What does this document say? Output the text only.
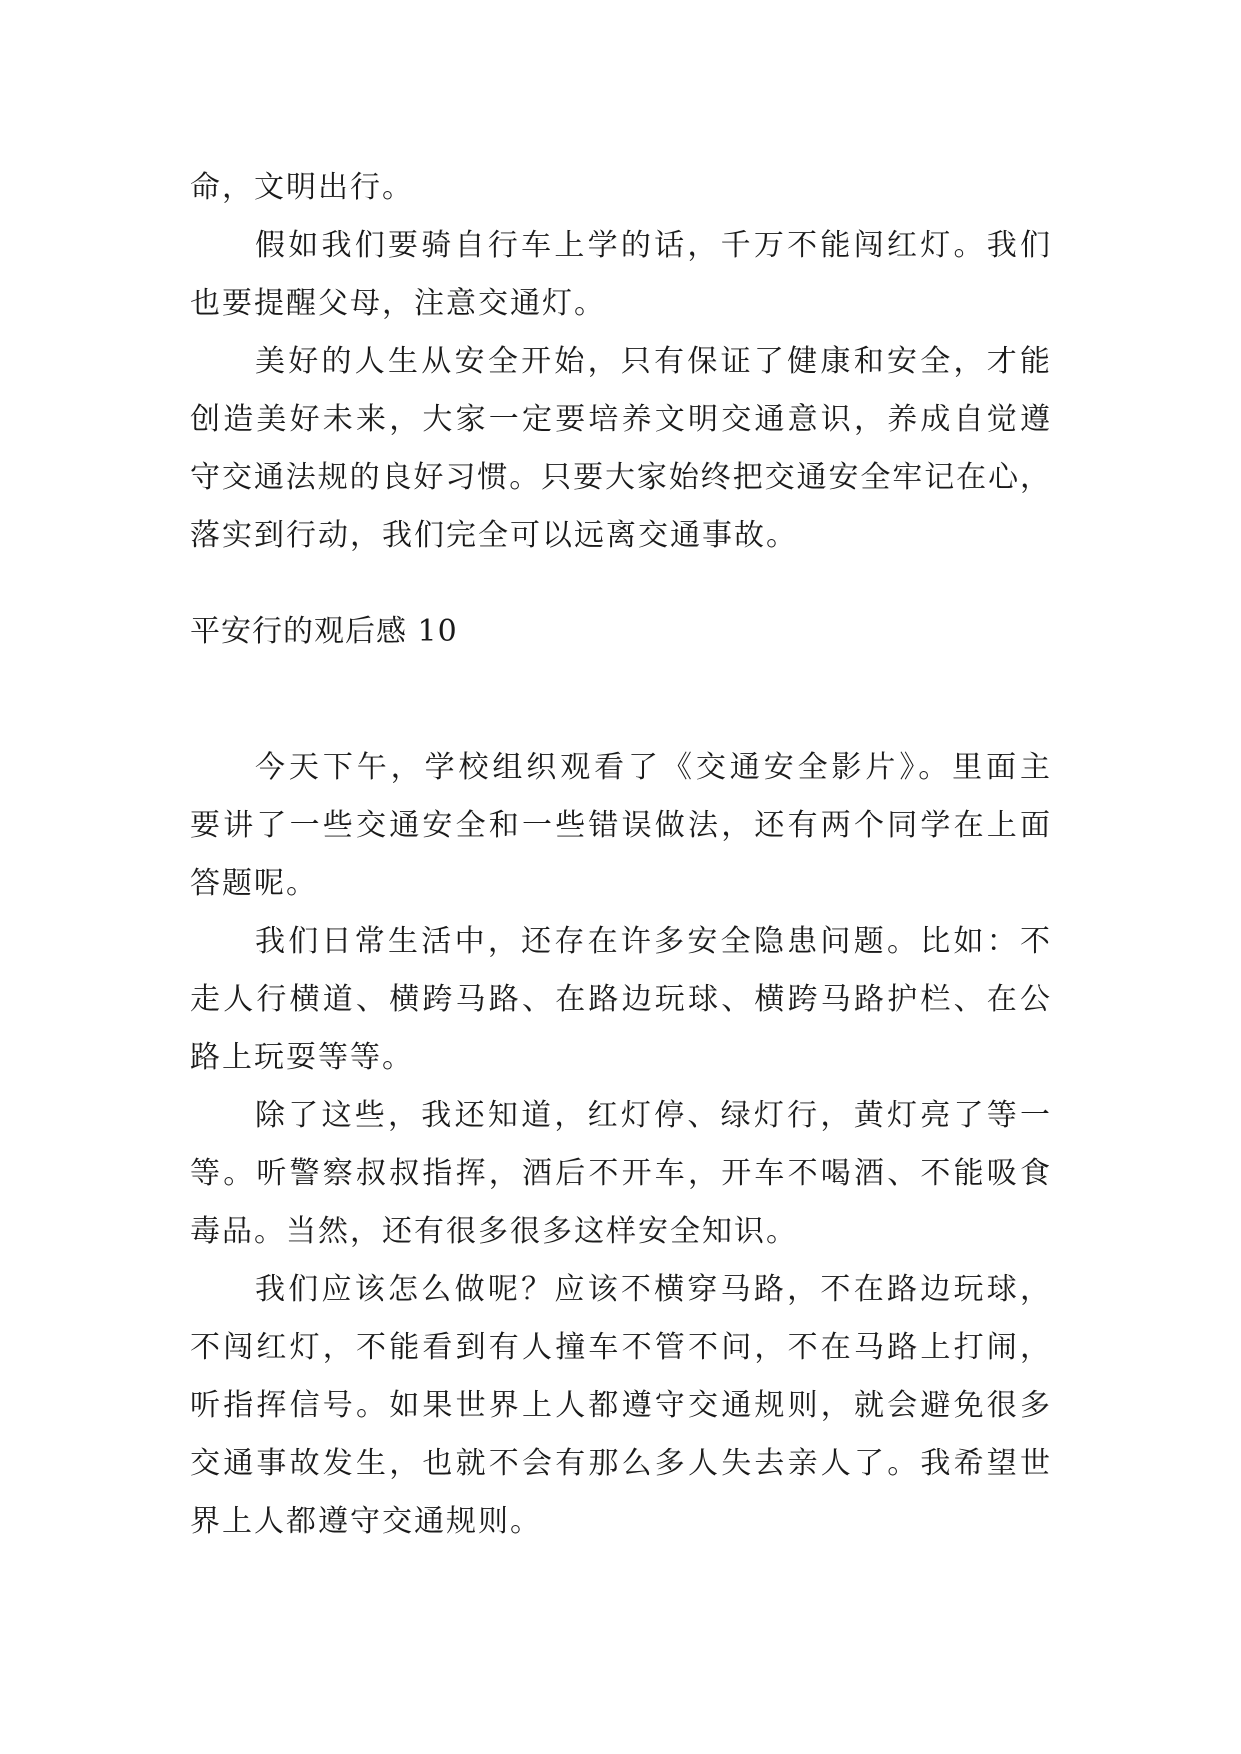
命，文明出行。

假如我们要骑自行车上学的话，千万不能闯红灯。我们

也要提醒父母，注意交通灯。

美好的人生从安全开始，只有保证了健康和安全，才能

创造美好未来，大家一定要培养文明交通意识，养成自觉遵

守交通法规的良好习惯。只要大家始终把交通安全牢记在心，

落实到行动，我们完全可以远离交通事故。

平安行的观后感 10

今天下午，学校组织观看了《交通安全影片》。里面主

要讲了一些交通安全和一些错误做法，还有两个同学在上面

答题呢。

我们日常生活中，还存在许多安全隐患问题。比如：不

走人行横道、横跨马路、在路边玩球、横跨马路护栏、在公

路上玩耍等等。

除了这些，我还知道，红灯停、绿灯行，黄灯亮了等一

等。听警察叔叔指挥，酒后不开车，开车不喝酒、不能吸食

毒品。当然，还有很多很多这样安全知识。

我们应该怎么做呢？应该不横穿马路，不在路边玩球，

不闯红灯，不能看到有人撞车不管不问，不在马路上打闹，

听指挥信号。如果世界上人都遵守交通规则，就会避免很多

交通事故发生，也就不会有那么多人失去亲人了。我希望世

界上人都遵守交通规则。
